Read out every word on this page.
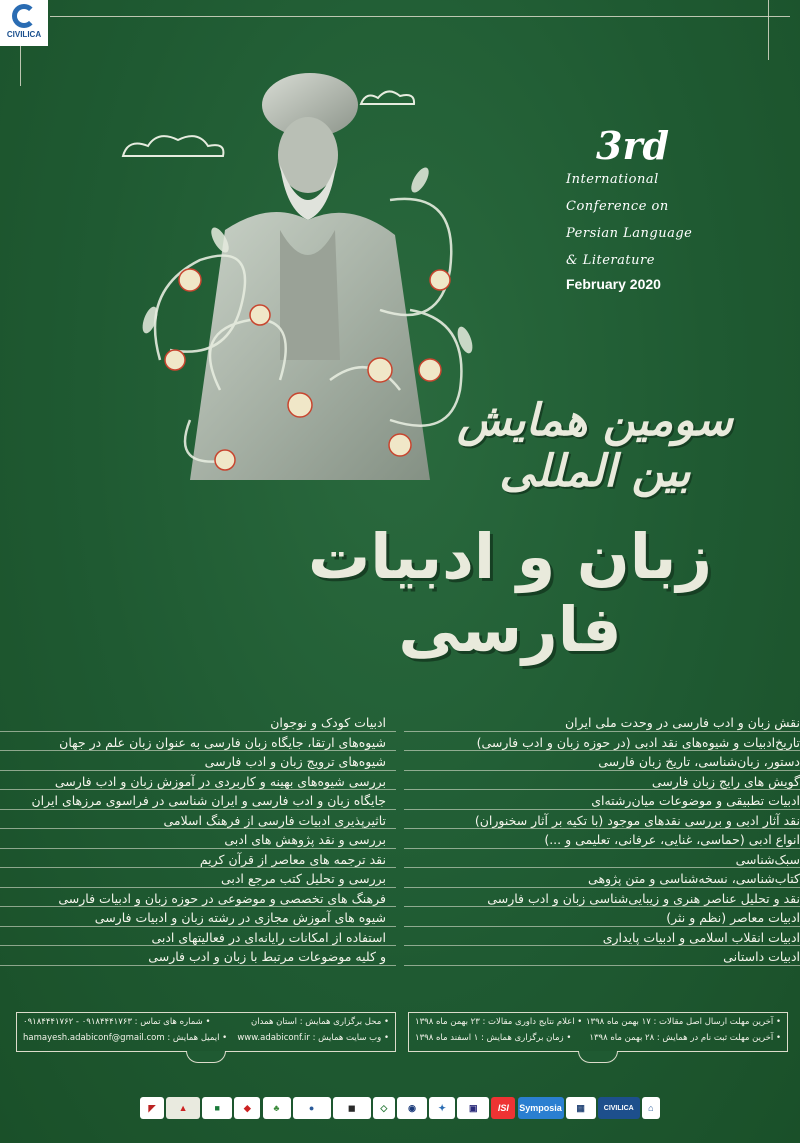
CIVILICA
3rd
International
Conference on
Persian Language
& Literature
February 2020
سومین همایش بین المللی
زبان و ادبیات فارسی
نقش زبان و ادب فارسی در وحدت ملی ایران
تاریخ‌ادبیات و شیوه‌های نقد ادبی (در حوزه زبان و ادب فارسی)
دستور، زبان‌شناسی، تاریخ زبان فارسی
گویش های رایج زبان فارسی
ادبیات تطبیقی و موضوعات میان‌رشته‌ای
نقد آثار ادبی و بررسی نقدهای موجود (با تکیه بر آثار سخنوران)
انواع ادبی (حماسی، غنایی، عرفانی، تعلیمی و ...)
سبک‌شناسی
کتاب‌شناسی، نسخه‌شناسی و متن پژوهی
نقد و تحلیل عناصر هنری و زیبایی‌شناسی زبان و ادب فارسی
ادبیات معاصر (نظم و نثر)
ادبیات انقلاب اسلامی و ادبیات پایداری
ادبیات داستانی
ادبیات کودک و نوجوان
شیوه‌های ارتقا، جایگاه زبان فارسی به عنوان زبان علم در جهان
شیوه‌های ترویج زبان و ادب فارسی
بررسی شیوه‌های بهینه و کاربردی در آموزش زبان و ادب فارسی
جایگاه زبان و ادب فارسی و ایران شناسی در فراسوی مرزهای ایران
تاثیرپذیری ادبیات فارسی از فرهنگ اسلامی
بررسی و نقد پژوهش های ادبی
نقد ترجمه های معاصر از قرآن کریم
بررسی و تحلیل کتب مرجع ادبی
فرهنگ های تخصصی و موضوعی در حوزه زبان و ادبیات فارسی
شیوه های آموزش مجازی در رشته زبان و ادبیات فارسی
استفاده از امکانات رایانه‌ای در فعالیتهای ادبی
و کلیه موضوعات مرتبط با زبان و ادب فارسی
• آخرین مهلت ارسال اصل مقالات : ۱۷ بهمن ماه ۱۳۹۸
• اعلام نتایج داوری مقالات : ۲۳ بهمن ماه ۱۳۹۸
• آخرین مهلت ثبت نام در همایش : ۲۸ بهمن ماه ۱۳۹۸
• زمان برگزاری همایش : ۱ اسفند ماه ۱۳۹۸
• محل برگزاری همایش : استان همدان
• شماره های تماس : ۰۹۱۸۴۴۴۱۷۶۳ - ۰۹۱۸۴۴۴۱۷۶۲
• وب سایت همایش : www.adabiconf.ir
• ایمیل همایش : hamayesh.adabiconf@gmail.com
◤	▲	■	◆	♣	●	◼	◇	◉	✦	▣	ISI	Symposia	▦	CIVILICA	⌂
